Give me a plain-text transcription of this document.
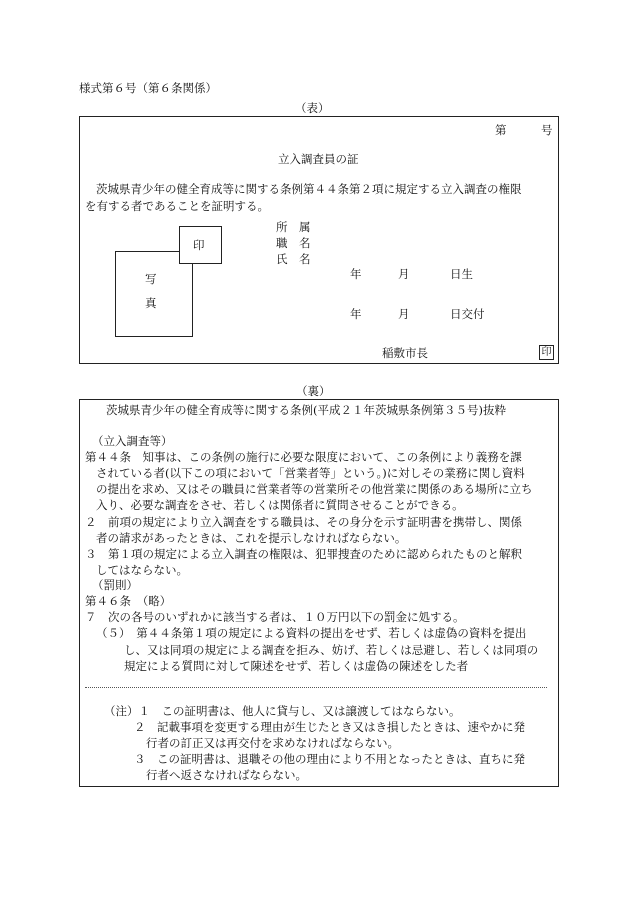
様式第６号（第６条関係）
（表）
第	号
立入調査員の証
茨城県青少年の健全育成等に関する条例第４４条第２項に規定する立入調査の権限
を有する者であることを証明する。
印
写
真
所　属
職　名
氏　名
年	月	日生
年	月	日交付
稲敷市長	印
（裏）
茨城県青少年の健全育成等に関する条例(平成２１年茨城県条例第３５号)抜粋
（立入調査等）
第４４条　知事は、この条例の施行に必要な限度において、この条例により義務を課
されている者(以下この項において「営業者等」という。)に対しその業務に関し資料
の提出を求め、又はその職員に営業者等の営業所その他営業に関係のある場所に立ち
入り、必要な調査をさせ、若しくは関係者に質問させることができる。
２　前項の規定により立入調査をする職員は、その身分を示す証明書を携帯し、関係
者の請求があったときは、これを提示しなければならない。
３　第１項の規定による立入調査の権限は、犯罪捜査のために認められたものと解釈
してはならない。
（罰則）
第４６条　（略）
７　次の各号のいずれかに該当する者は、１０万円以下の罰金に処する。
（５）　第４４条第１項の規定による資料の提出をせず、若しくは虚偽の資料を提出
し、又は同項の規定による調査を拒み、妨げ、若しくは忌避し、若しくは同項の
規定による質問に対して陳述をせず、若しくは虚偽の陳述をした者
（注）１　この証明書は、他人に貸与し、又は譲渡してはならない。
２　記載事項を変更する理由が生じたとき又はき損したときは、速やかに発
行者の訂正又は再交付を求めなければならない。
３　この証明書は、退職その他の理由により不用となったときは、直ちに発
行者へ返さなければならない。
